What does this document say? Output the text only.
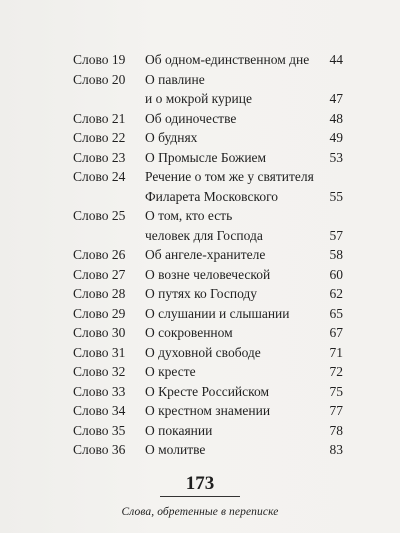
Слово 19 Об одном-единственном дне 44
Слово 20 О павлине
и о мокрой курице	47
Слово 21 Об одиночестве	48
Слово 22 О буднях	49
Слово 23 О Промысле Божием	53
Слово 24 Речение о том же у святителя
Филарета Московского	55
Слово 25 О том, кто есть
человек для Господа	57
Слово 26 Об ангеле-хранителе	58
Слово 27 О возне человеческой	60
Слово 28 О путях ко Господу	62
Слово 29 О слушании и слышании	65
Слово 30 О сокровенном	67
Слово 31 О духовной свободе	71
Слово 32 О кресте	72
Слово 33 О Кресте Российском	75
Слово 34 О крестном знамении	77
Слово 35 О покаянии	78
Слово 36 О молитве	83
173
Слова, обретенные в переписке
